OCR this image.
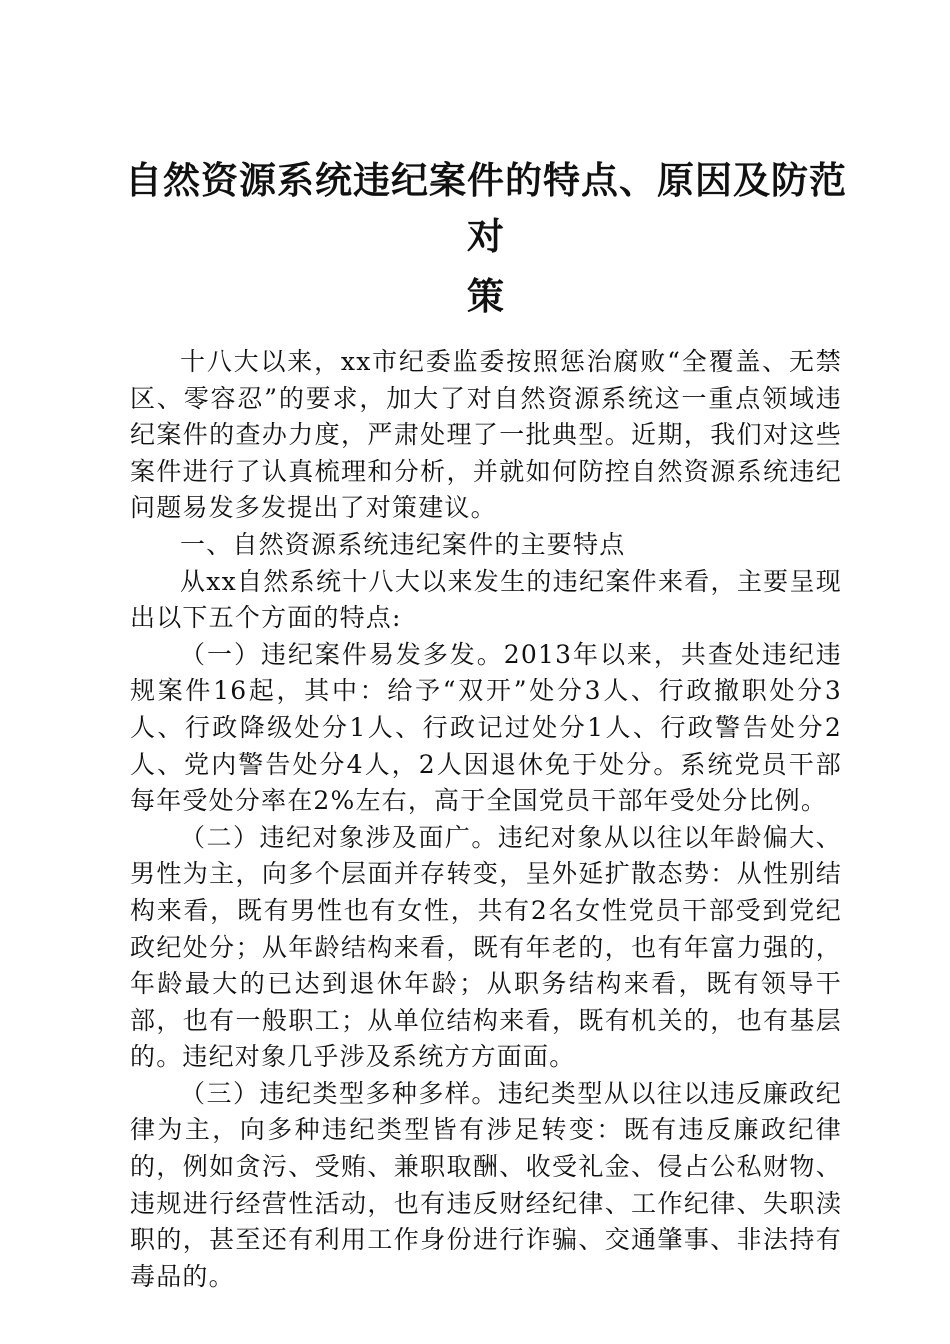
自然资源系统违纪案件的特点、原因及防范对
策

十八大以来，xx市纪委监委按照惩治腐败“全覆盖、无禁区、零容忍”的要求，加大了对自然资源系统这一重点领域违纪案件的查办力度，严肃处理了一批典型。近期，我们对这些案件进行了认真梳理和分析，并就如何防控自然资源系统违纪问题易发多发提出了对策建议。

一、自然资源系统违纪案件的主要特点

从xx自然系统十八大以来发生的违纪案件来看，主要呈现出以下五个方面的特点:

（一）违纪案件易发多发。2013年以来，共查处违纪违规案件16起，其中：给予“双开”处分3人、行政撤职处分3人、行政降级处分1人、行政记过处分1人、行政警告处分2人、党内警告处分4人，2人因退休免于处分。系统党员干部每年受处分率在2%左右，高于全国党员干部年受处分比例。

（二）违纪对象涉及面广。违纪对象从以往以年龄偏大、男性为主，向多个层面并存转变，呈外延扩散态势：从性别结构来看，既有男性也有女性，共有2名女性党员干部受到党纪政纪处分；从年龄结构来看，既有年老的，也有年富力强的，年龄最大的已达到退休年龄；从职务结构来看，既有领导干部，也有一般职工；从单位结构来看，既有机关的，也有基层的。违纪对象几乎涉及系统方方面面。

（三）违纪类型多种多样。违纪类型从以往以违反廉政纪律为主，向多种违纪类型皆有涉足转变：既有违反廉政纪律的，例如贪污、受贿、兼职取酬、收受礼金、侵占公私财物、违规进行经营性活动，也有违反财经纪律、工作纪律、失职渎职的，甚至还有利用工作身份进行诈骗、交通肇事、非法持有毒品的。
